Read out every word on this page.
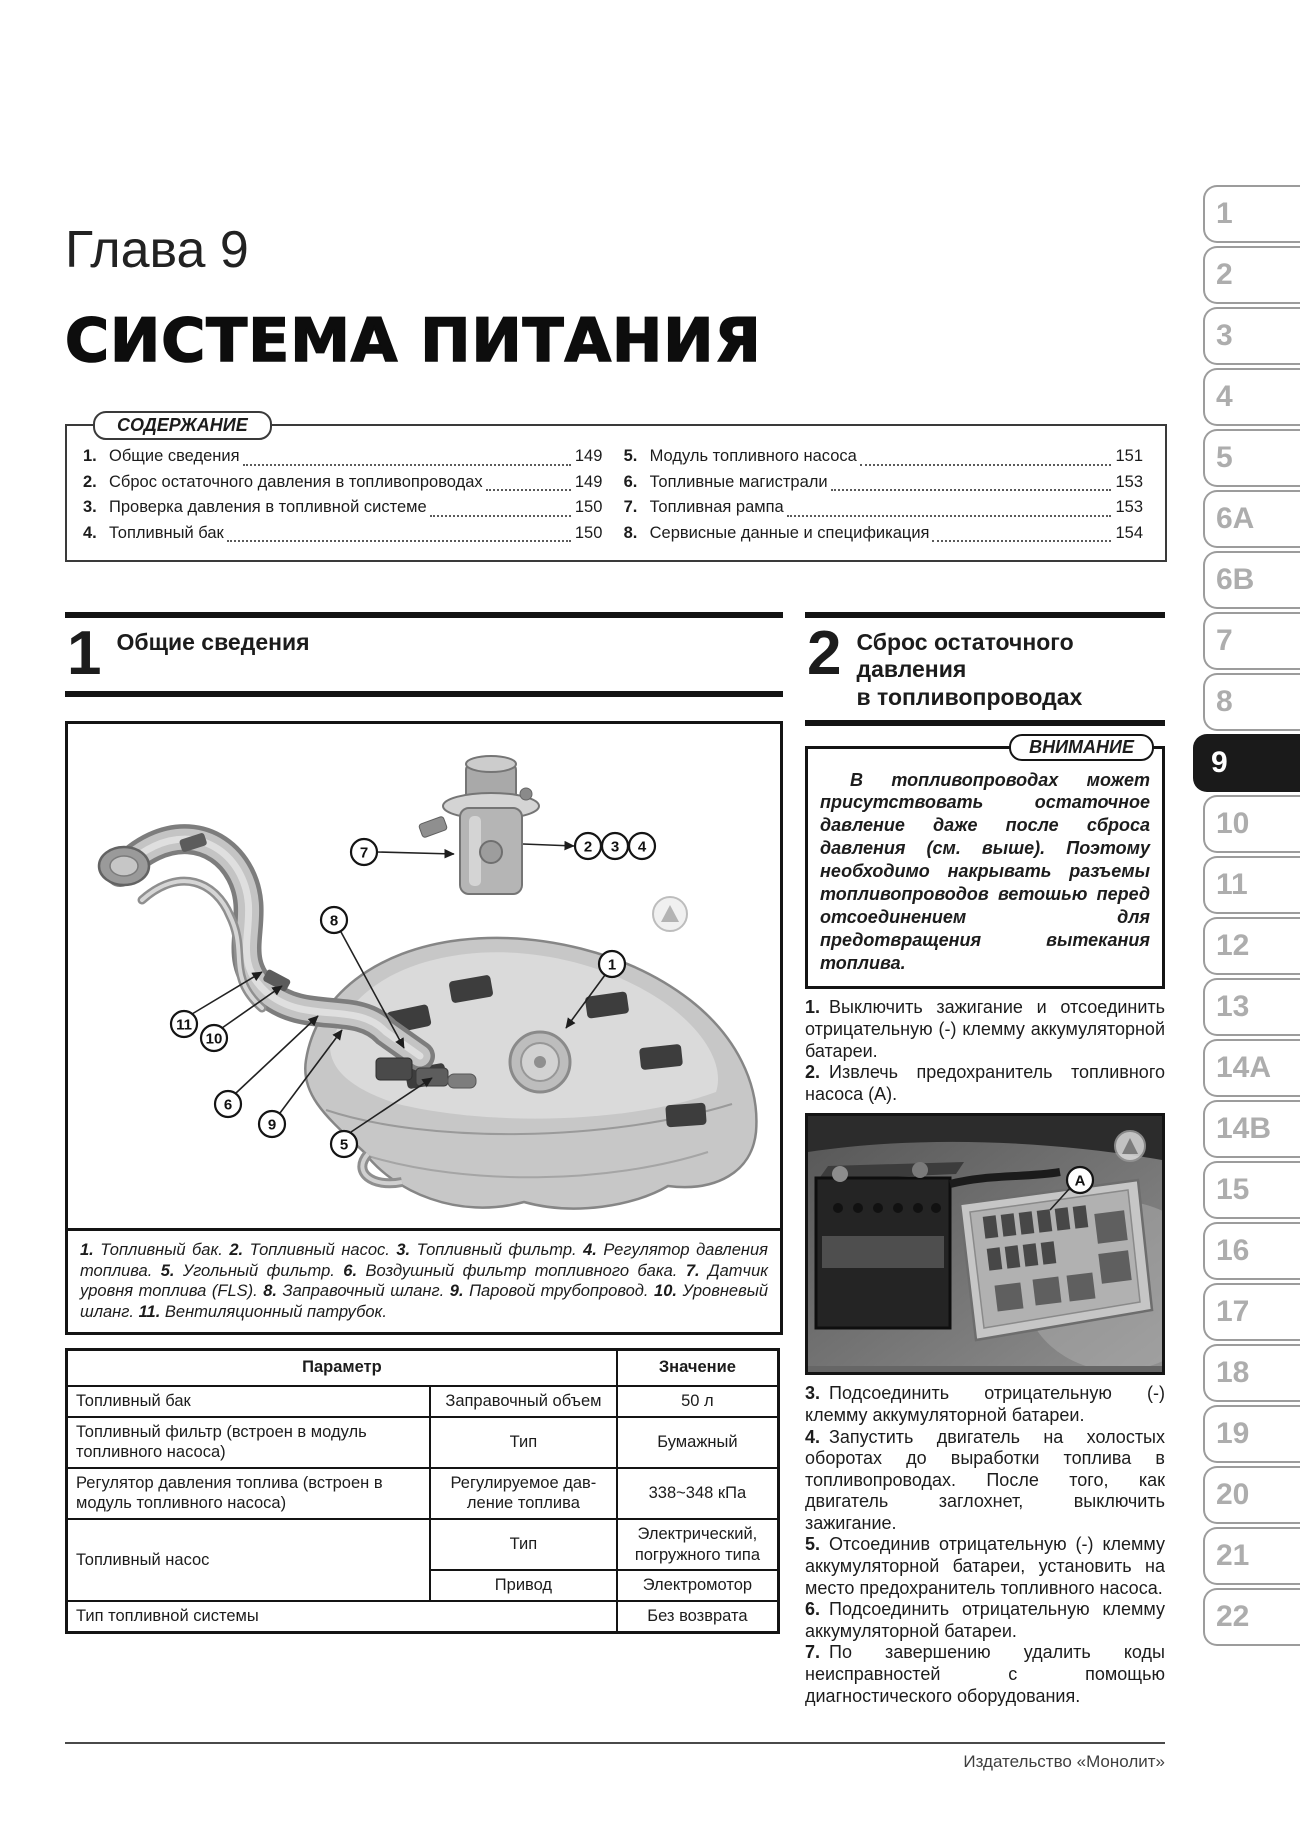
Глава 9
СИСТЕМА ПИТАНИЯ
СОДЕРЖАНИЕ
1. Общие сведения	149
2. Сброс остаточного давления в топливопроводах	149
3. Проверка давления в топливной системе	150
4. Топливный бак	150
5. Модуль топливного насоса	151
6. Топливные магистрали	153
7. Топливная рампа	153
8. Сервисные данные и спецификация	154
1 Общие сведения
7	2 3 4
1
8
11
10
6
9
5
1. Топливный бак. 2. Топливный насос. 3. Топливный фильтр. 4. Регулятор давления топлива. 5. Угольный фильтр. 6. Воздушный фильтр топливного бака. 7. Датчик уровня топлива (FLS). 8. Заправочный шланг. 9. Паровой трубопровод. 10. Уровневый шланг. 11. Вентиляционный патрубок.
Параметр		Значение
Топливный бак	Заправочный объем	50 л
Топливный фильтр (встроен в модуль топливного насоса)	Тип	Бумажный
Регулятор давления топлива (встроен в модуль топливного насоса)	Регулируемое дав- ление топлива	338~348 кПа
Топливный насос	Тип	Электрический, погружного типа
	Привод	Электромотор
Тип топливной системы		Без возврата
2 Сброс остаточного
давления
в топливопроводах
ВНИМАНИЕ

В топливопроводах может присутствовать остаточное давление даже после сброса давления (см. выше). Поэтому необходимо накрывать разъемы топливопроводов ветошью перед отсоединением для предотвращения вытекания топлива.

1. Выключить зажигание и отсоединить отрицательную (-) клемму аккумуляторной батареи.

2. Извлечь предохранитель топливного насоса (А).

A

3. Подсоединить отрицательную (-) клемму аккумуляторной батареи.

4. Запустить двигатель на холостых оборотах до выработки топлива в топливопроводах. После того, как двигатель заглохнет, выключить зажигание.

5. Отсоединив отрицательную (-) клемму аккумуляторной батареи, установить на место предохранитель топливного насоса.

6. Подсоединить отрицательную клемму аккумуляторной батареи.

7. По завершению удалить коды неисправностей с помощью диагностического оборудования.

1
2
3
4
5
6A
6B
7
8
9
10
11
12
13
14A
14B
15
16
17
18
19
20
21
22
Издательство «Монолит»
